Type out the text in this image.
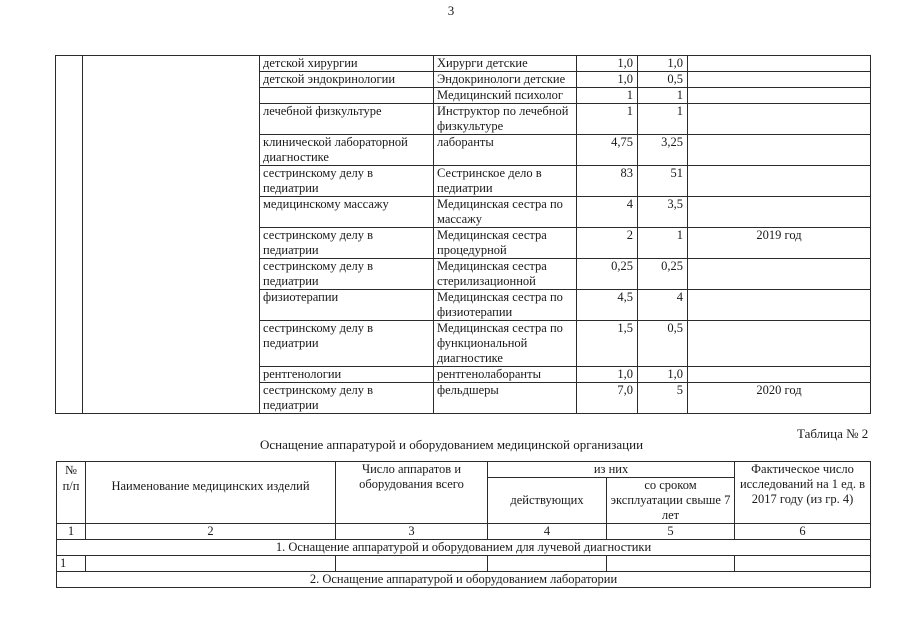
3
		детской хирургии	Хирурги детские	1,0	1,0	
		детской эндокринологии	Эндокринологи детские	1,0	0,5	
			Медицинский психолог	1	1	
		лечебной физкультуре	Инструктор по лечебной физкультуре	1	1	
		клинической лабораторной диагностике	лаборанты	4,75	3,25	
		сестринскому делу в педиатрии	Сестринское дело в педиатрии	83	51	
		медицинскому массажу	Медицинская сестра по массажу	4	3,5	
		сестринскому делу в педиатрии	Медицинская сестра процедурной	2	1	2019 год
		сестринскому делу в педиатрии	Медицинская сестра стерилизационной	0,25	0,25	
		физиотерапии	Медицинская сестра по физиотерапии	4,5	4	
		сестринскому делу в педиатрии	Медицинская сестра по функциональной диагностике	1,5	0,5	
		рентгенологии	рентгенолаборанты	1,0	1,0	
		сестринскому делу в педиатрии	фельдшеры	7,0	5	2020 год
Таблица № 2
Оснащение аппаратурой и оборудованием медицинской организации
№ п/п	Наименование медицинских изделий	Число аппаратов и оборудования всего	из них		Фактическое число исследований на 1 ед. в 2017 году (из гр. 4)
			действующих	со сроком эксплуатации свыше 7 лет	
1	2	3	4	5	6
1. Оснащение аппаратурой и оборудованием для лучевой диагностики					
1					
2. Оснащение аппаратурой и оборудованием лаборатории					
